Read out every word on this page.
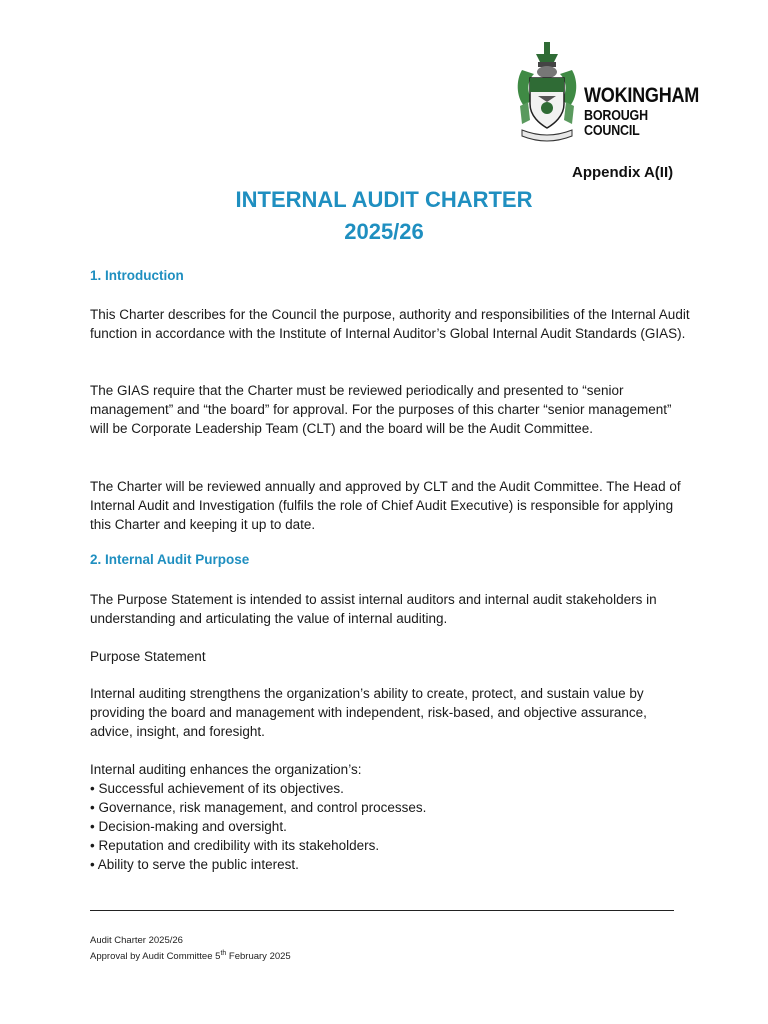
WOKINGHAM
BOROUGH COUNCIL
Appendix A(II)
INTERNAL AUDIT CHARTER
2025/26
1. Introduction
This Charter describes for the Council the purpose, authority and responsibilities of the Internal Audit function in accordance with the Institute of Internal Auditor’s Global Internal Audit Standards (GIAS).
The GIAS require that the Charter must be reviewed periodically and presented to “senior management” and “the board” for approval. For the purposes of this charter “senior management” will be Corporate Leadership Team (CLT) and the board will be the Audit Committee.
The Charter will be reviewed annually and approved by CLT and the Audit Committee. The Head of Internal Audit and Investigation (fulfils the role of Chief Audit Executive) is responsible for applying this Charter and keeping it up to date.
2. Internal Audit Purpose
The Purpose Statement is intended to assist internal auditors and internal audit stakeholders in understanding and articulating the value of internal auditing.
Purpose Statement
Internal auditing strengthens the organization’s ability to create, protect, and sustain value by providing the board and management with independent, risk-based, and objective assurance, advice, insight, and foresight.
Internal auditing enhances the organization’s:
• Successful achievement of its objectives.
• Governance, risk management, and control processes.
• Decision-making and oversight.
• Reputation and credibility with its stakeholders.
• Ability to serve the public interest.
Audit Charter 2025/26
Approval by Audit Committee 5th February 2025
